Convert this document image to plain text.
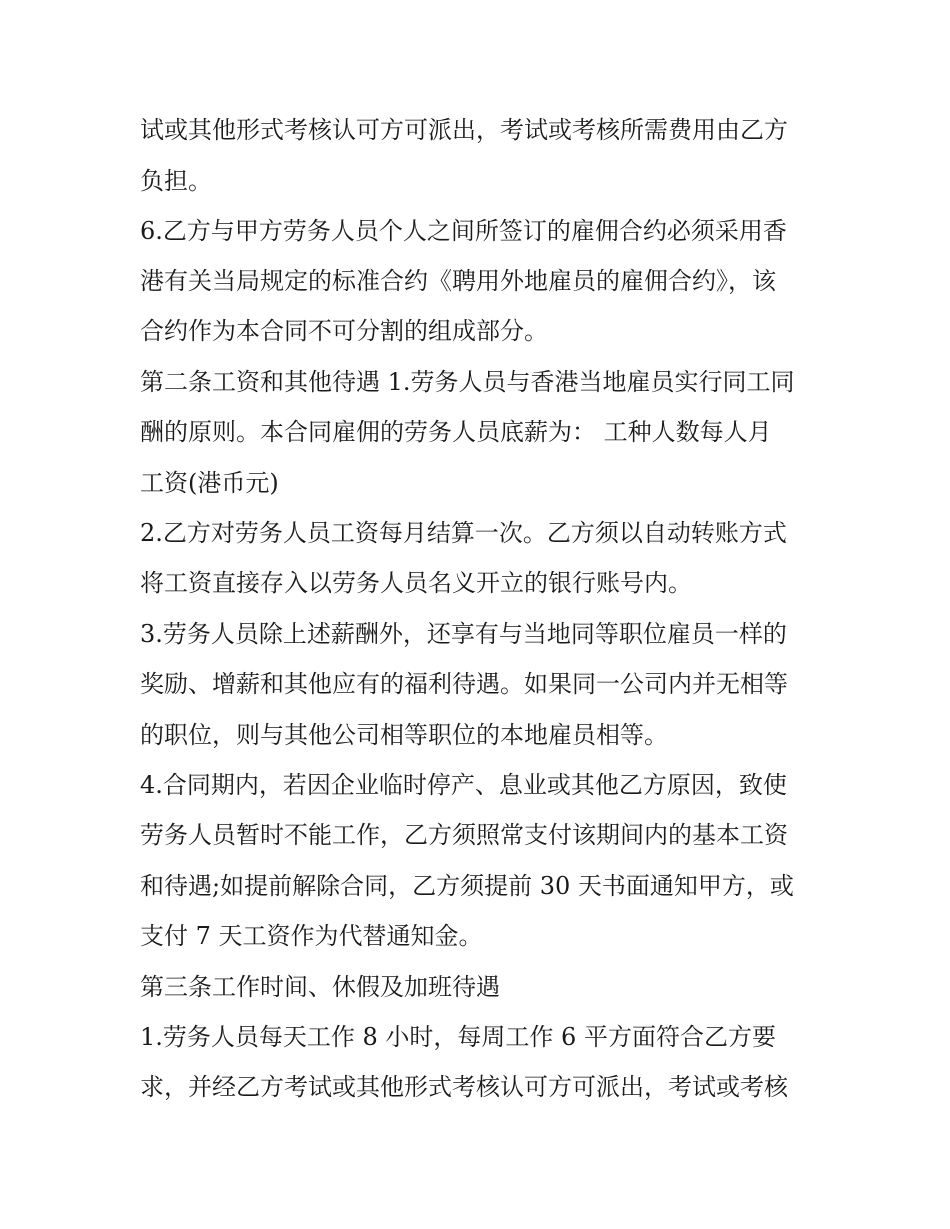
试或其他形式考核认可方可派出，考试或考核所需费用由乙方
负担。
6.乙方与甲方劳务人员个人之间所签订的雇佣合约必须采用香
港有关当局规定的标准合约《聘用外地雇员的雇佣合约》，该
合约作为本合同不可分割的组成部分。
第二条工资和其他待遇 1.劳务人员与香港当地雇员实行同工同
酬的原则。本合同雇佣的劳务人员底薪为： 工种人数每人月
工资(港币元)
2.乙方对劳务人员工资每月结算一次。乙方须以自动转账方式
将工资直接存入以劳务人员名义开立的银行账号内。
3.劳务人员除上述薪酬外，还享有与当地同等职位雇员一样的
奖励、增薪和其他应有的福利待遇。如果同一公司内并无相等
的职位，则与其他公司相等职位的本地雇员相等。
4.合同期内，若因企业临时停产、息业或其他乙方原因，致使
劳务人员暂时不能工作，乙方须照常支付该期间内的基本工资
和待遇;如提前解除合同，乙方须提前 30 天书面通知甲方，或
支付 7 天工资作为代替通知金。
第三条工作时间、休假及加班待遇
1.劳务人员每天工作 8 小时，每周工作 6 平方面符合乙方要
求，并经乙方考试或其他形式考核认可方可派出，考试或考核
